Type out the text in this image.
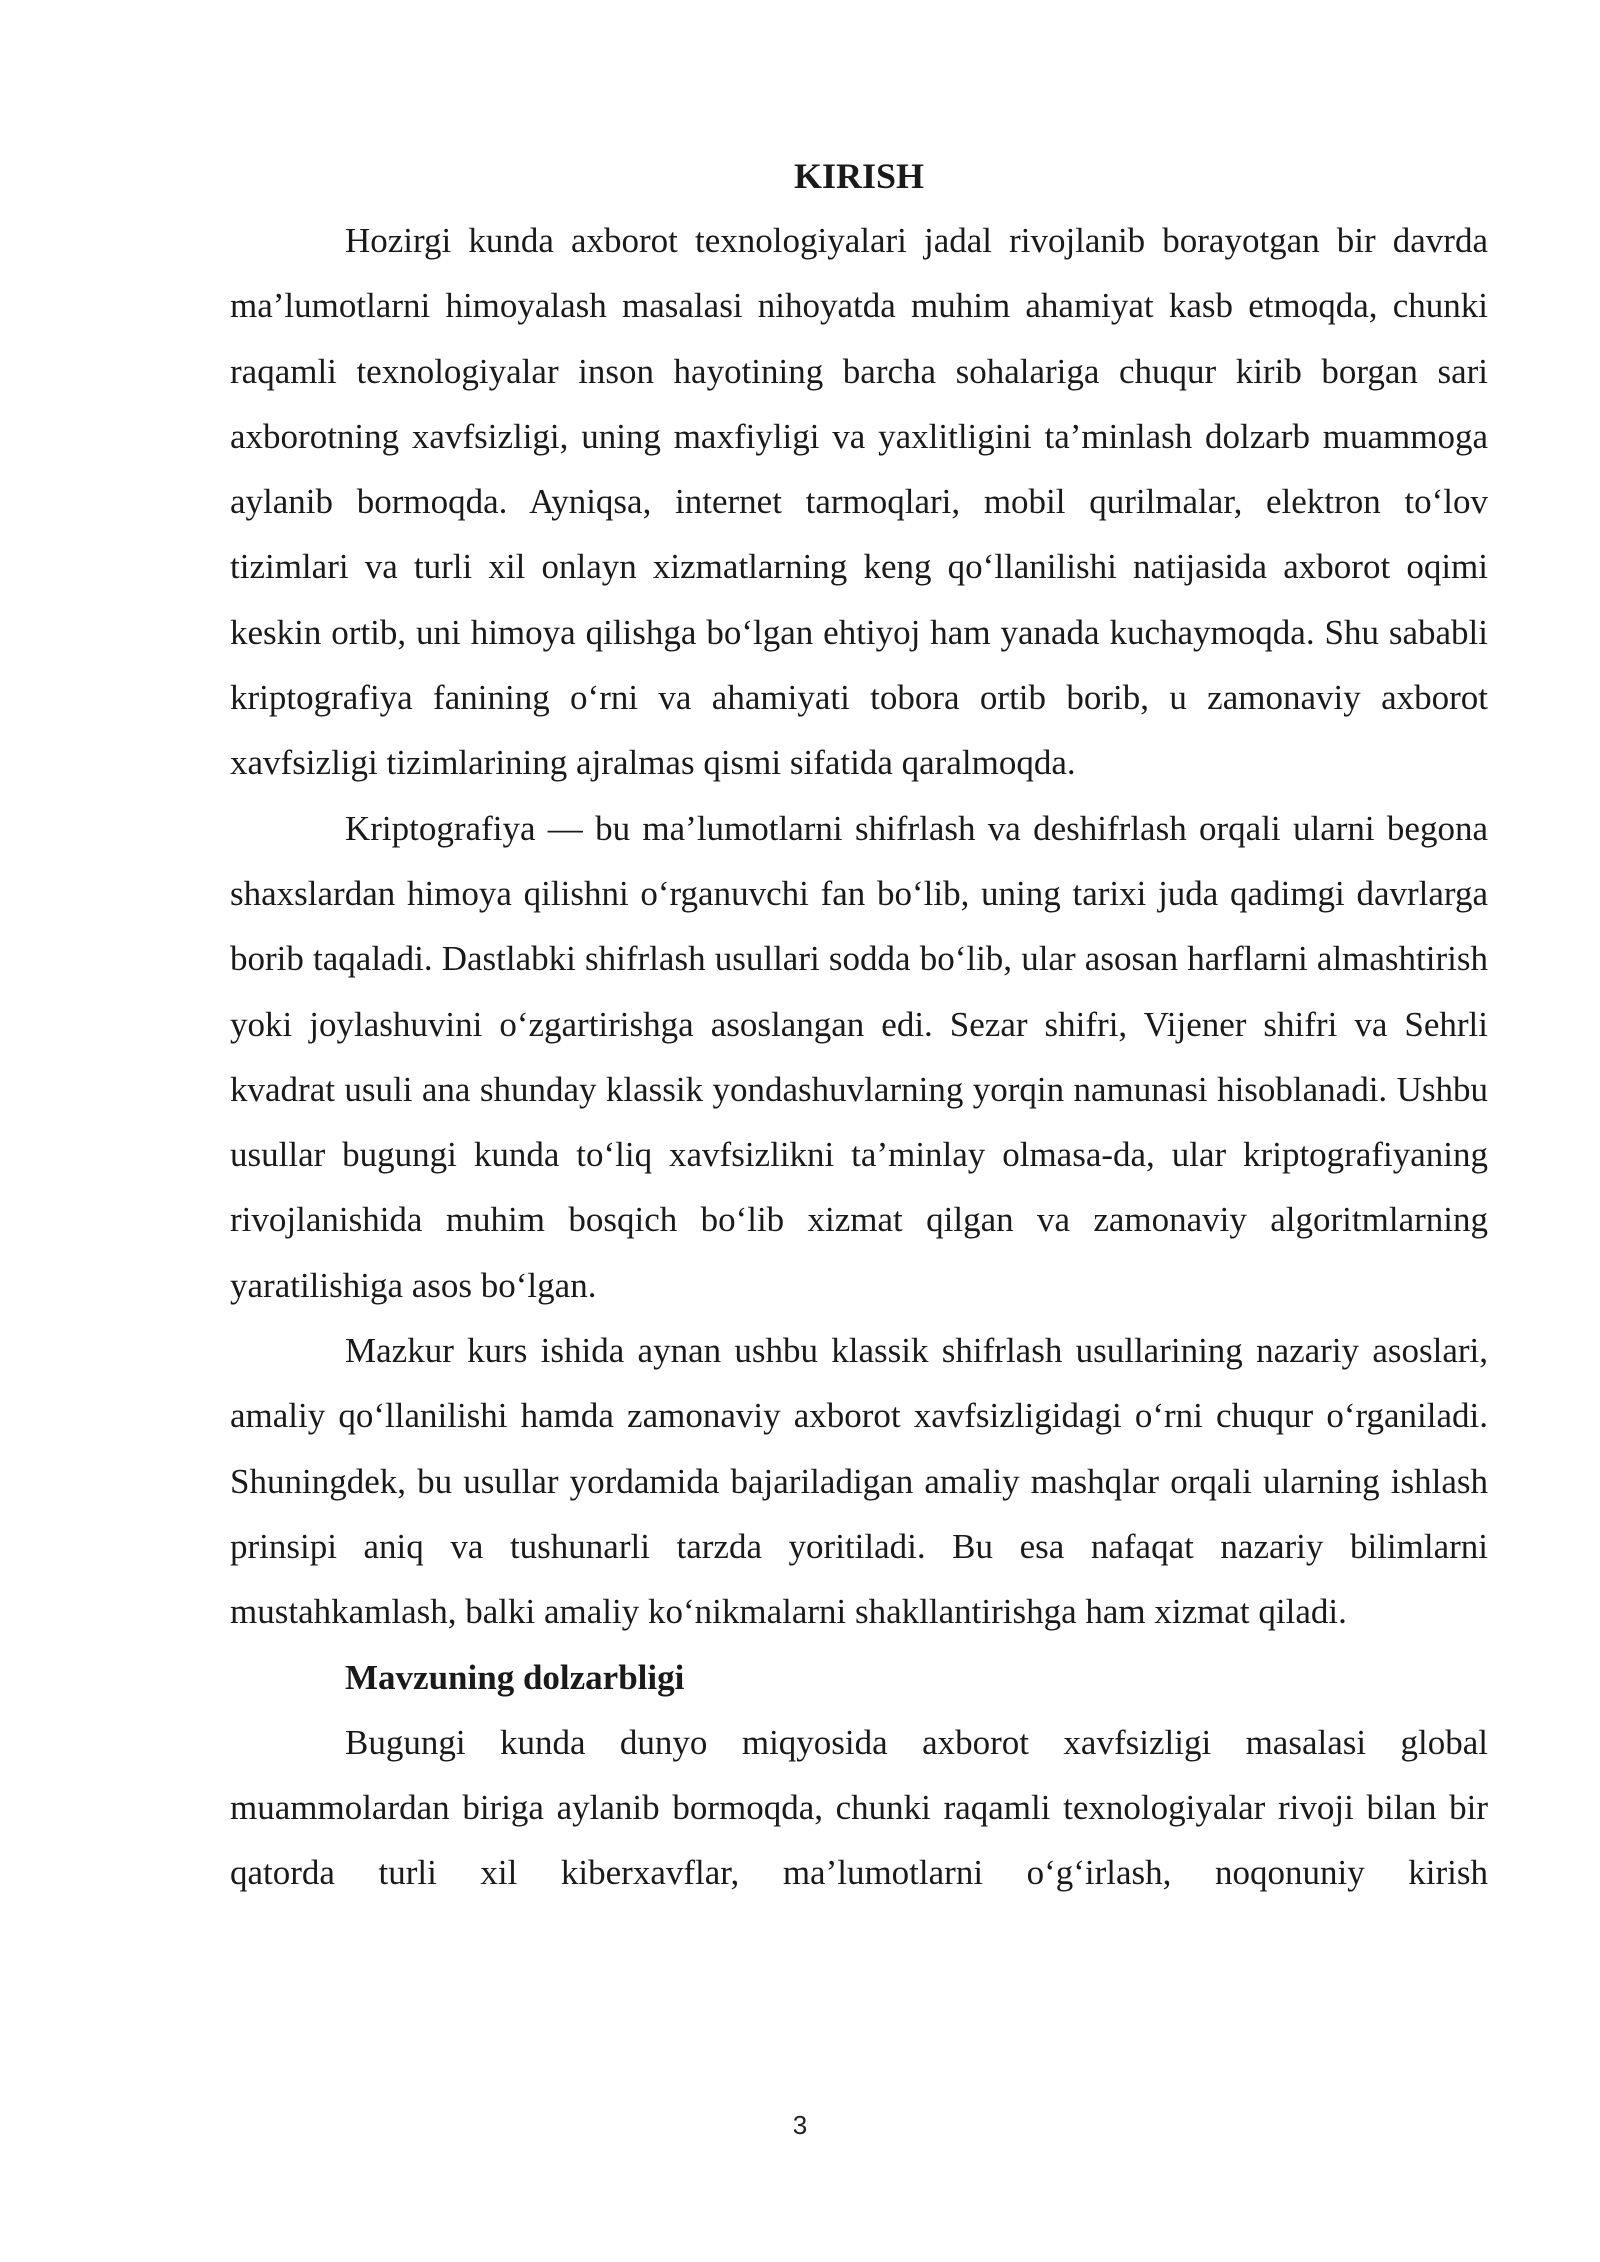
KIRISH

Hozirgi kunda axborot texnologiyalari jadal rivojlanib borayotgan bir davrda ma’lumotlarni himoyalash masalasi nihoyatda muhim ahamiyat kasb etmoqda, chunki raqamli texnologiyalar inson hayotining barcha sohalariga chuqur kirib borgan sari axborotning xavfsizligi, uning maxfiyligi va yaxlitligini ta’minlash dolzarb muammoga aylanib bormoqda. Ayniqsa, internet tarmoqlari, mobil qurilmalar, elektron to‘lov tizimlari va turli xil onlayn xizmatlarning keng qo‘llanilishi natijasida axborot oqimi keskin ortib, uni himoya qilishga bo‘lgan ehtiyoj ham yanada kuchaymoqda. Shu sababli kriptografiya fanining o‘rni va ahamiyati tobora ortib borib, u zamonaviy axborot xavfsizligi tizimlarining ajralmas qismi sifatida qaralmoqda.

Kriptografiya — bu ma’lumotlarni shifrlash va deshifrlash orqali ularni begona shaxslardan himoya qilishni o‘rganuvchi fan bo‘lib, uning tarixi juda qadimgi davrlarga borib taqaladi. Dastlabki shifrlash usullari sodda bo‘lib, ular asosan harflarni almashtirish yoki joylashuvini o‘zgartirishga asoslangan edi. Sezar shifri, Vijener shifri va Sehrli kvadrat usuli ana shunday klassik yondashuvlarning yorqin namunasi hisoblanadi. Ushbu usullar bugungi kunda to‘liq xavfsizlikni ta’minlay olmasa-da, ular kriptografiyaning rivojlanishida muhim bosqich bo‘lib xizmat qilgan va zamonaviy algoritmlarning yaratilishiga asos bo‘lgan.

Mazkur kurs ishida aynan ushbu klassik shifrlash usullarining nazariy asoslari, amaliy qo‘llanilishi hamda zamonaviy axborot xavfsizligidagi o‘rni chuqur o‘rganiladi. Shuningdek, bu usullar yordamida bajariladigan amaliy mashqlar orqali ularning ishlash prinsipi aniq va tushunarli tarzda yoritiladi. Bu esa nafaqat nazariy bilimlarni mustahkamlash, balki amaliy ko‘nikmalarni shakllantirishga ham xizmat qiladi.

Mavzuning dolzarbligi

Bugungi kunda dunyo miqyosida axborot xavfsizligi masalasi global muammolardan biriga aylanib bormoqda, chunki raqamli texnologiyalar rivoji bilan bir qatorda turli xil kiberxavflar, ma’lumotlarni o‘g‘irlash, noqonuniy kirish

3
